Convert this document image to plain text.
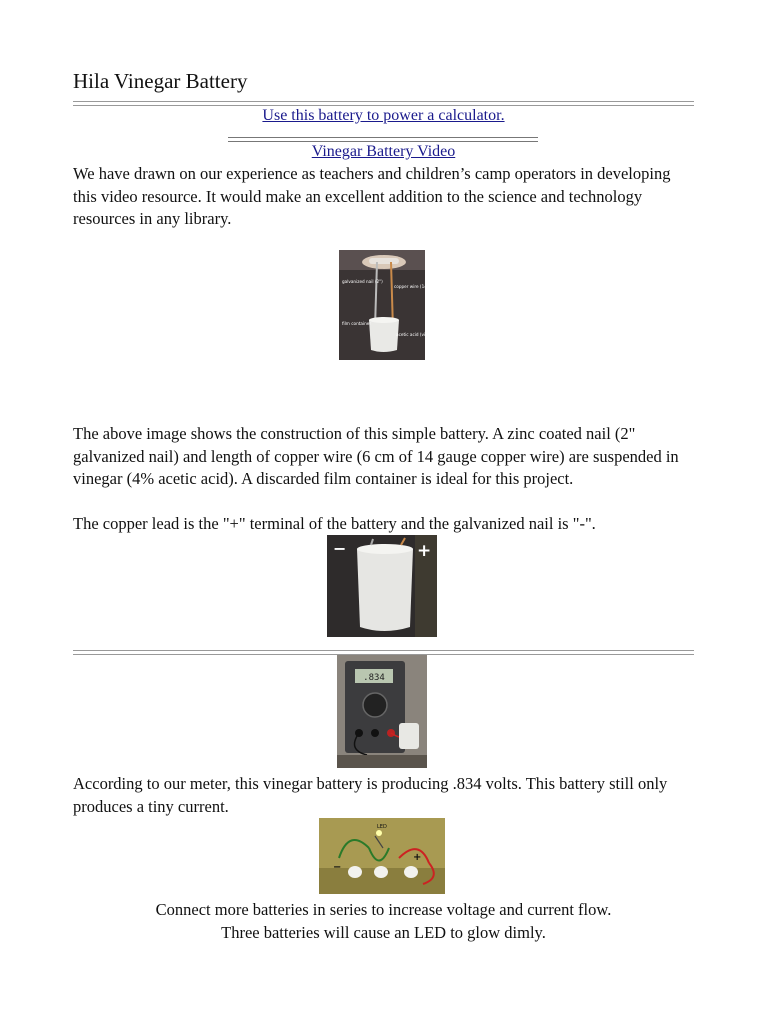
Hila Vinegar Battery
Use this battery to power a calculator.
Vinegar Battery Video

We have drawn on our experience as teachers and children’s camp operators in developing this video resource. It would make an excellent addition to the science and technology resources in any library.

galvanized nail (2")
copper wire (14 gauge)
film container
acetic acid (vinegar)

The above image shows the construction of this simple battery. A zinc coated nail (2" galvanized nail) and length of copper wire (6 cm of 14 gauge copper wire) are suspended in vinegar (4% acetic acid). A discarded film container is ideal for this project.

The copper lead is the "+" terminal of the battery and the galvanized nail is "-".

−	+
.834

According to our meter, this vinegar battery is producing .834 volts. This battery still only produces a tiny current.

LED
−
+

Connect more batteries in series to increase voltage and current flow.

Three batteries will cause an LED to glow dimly.
